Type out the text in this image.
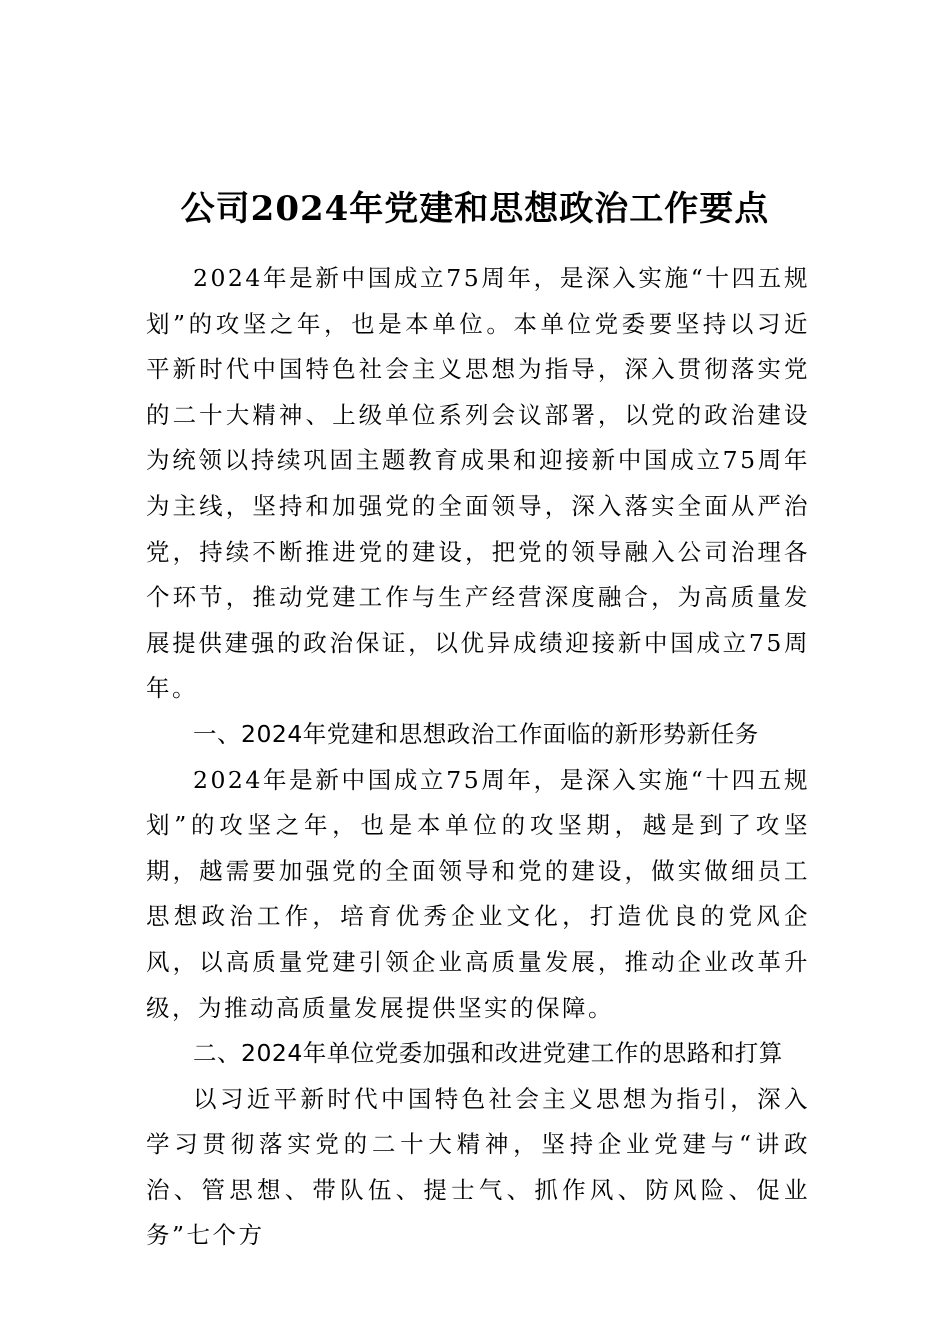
公司2024年党建和思想政治工作要点

2024年是新中国成立75周年，是深入实施“十四五规划”的攻坚之年，也是本单位。本单位党委要坚持以习近平新时代中国特色社会主义思想为指导，深入贯彻落实党的二十大精神、上级单位系列会议部署，以党的政治建设为统领以持续巩固主题教育成果和迎接新中国成立75周年为主线，坚持和加强党的全面领导，深入落实全面从严治党，持续不断推进党的建设，把党的领导融入公司治理各个环节，推动党建工作与生产经营深度融合，为高质量发展提供建强的政治保证，以优异成绩迎接新中国成立75周年。

一、2024年党建和思想政治工作面临的新形势新任务

2024年是新中国成立75周年，是深入实施“十四五规划”的攻坚之年，也是本单位的攻坚期，越是到了攻坚期，越需要加强党的全面领导和党的建设，做实做细员工思想政治工作，培育优秀企业文化，打造优良的党风企风，以高质量党建引领企业高质量发展，推动企业改革升级，为推动高质量发展提供坚实的保障。

二、2024年单位党委加强和改进党建工作的思路和打算

以习近平新时代中国特色社会主义思想为指引，深入学习贯彻落实党的二十大精神，坚持企业党建与“讲政治、管思想、带队伍、提士气、抓作风、防风险、促业务”七个方
